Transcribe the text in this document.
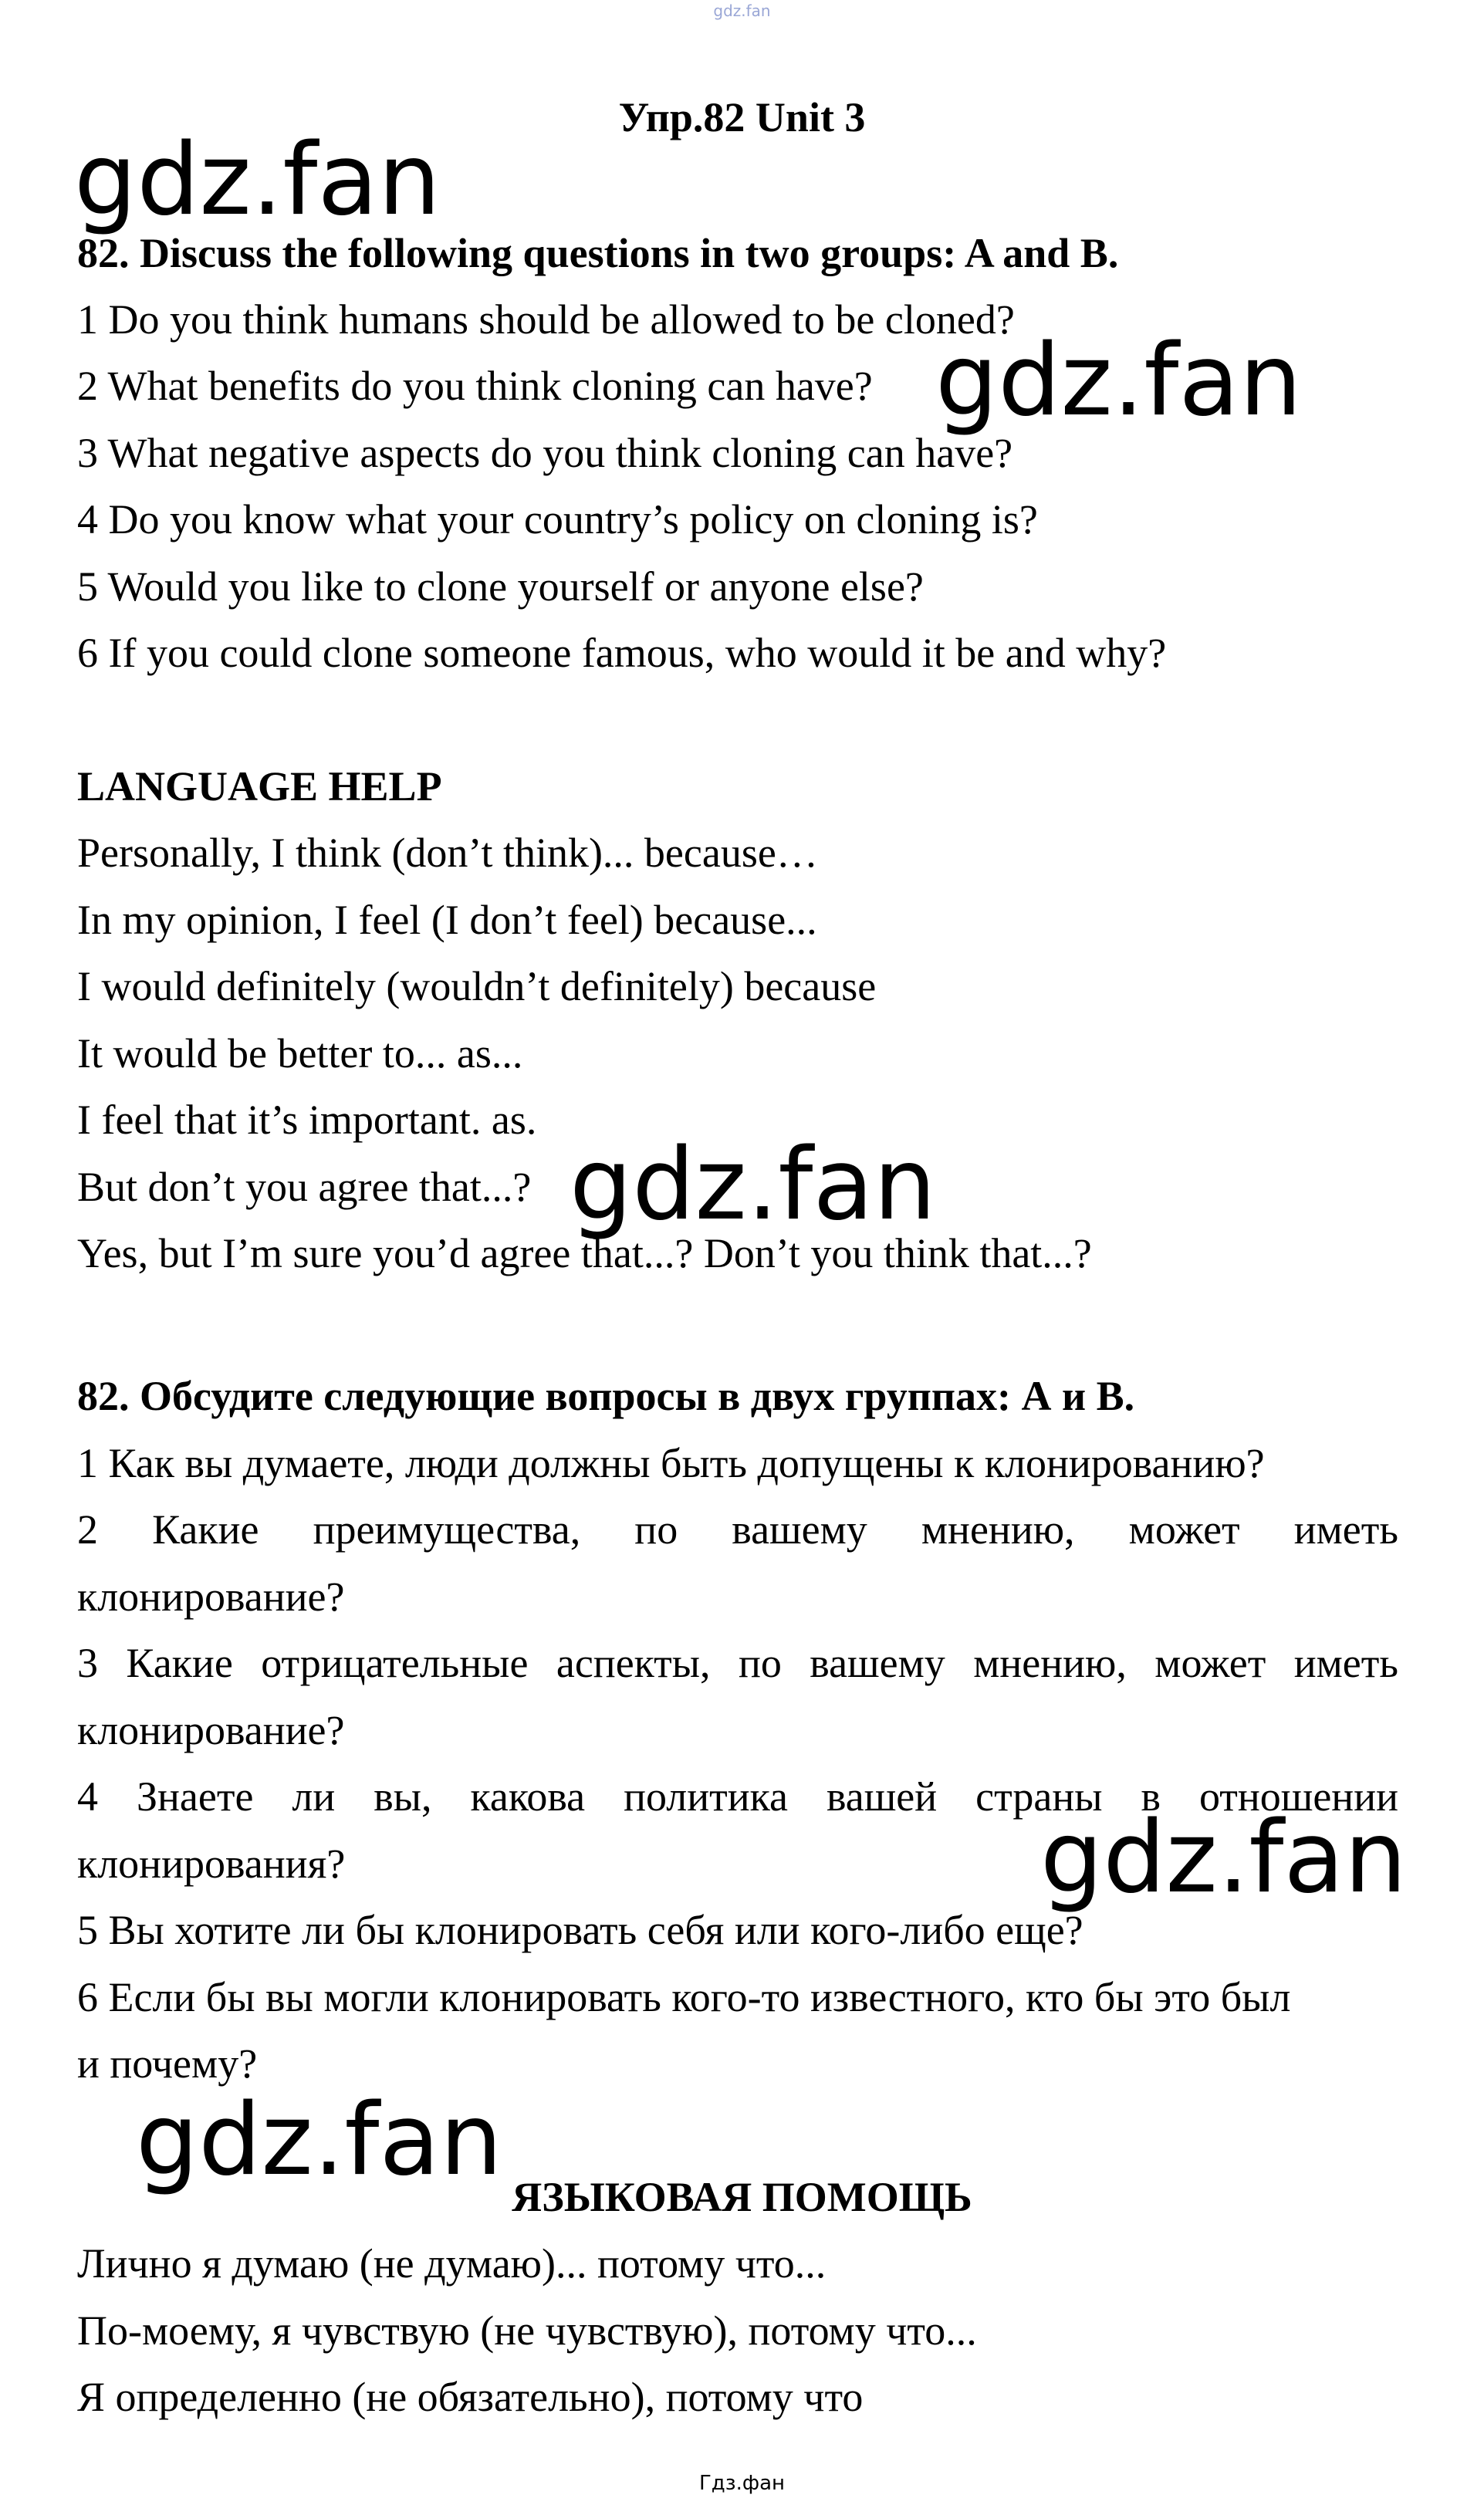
gdz.fan
Упр.82 Unit 3
82. Discuss the following questions in two groups: A and B.
1 Do you think humans should be allowed to be cloned?
2 What benefits do you think cloning can have?
3 What negative aspects do you think cloning can have?
4 Do you know what your country’s policy on cloning is?
5 Would you like to clone yourself or anyone else?
6 If you could clone someone famous, who would it be and why?
LANGUAGE HELP
Personally, I think (don’t think)... because…
In my opinion, I feel (I don’t feel) because...
I would definitely (wouldn’t definitely) because
It would be better to... as...
I feel that it’s important. as.
But don’t you agree that...?
Yes, but I’m sure you’d agree that...? Don’t you think that...?
82. Обсудите следующие вопросы в двух группах: А и В.
1 Как вы думаете, люди должны быть допущены к клонированию?
2 Какие преимущества, по вашему мнению, может иметь
клонирование?
3 Какие отрицательные аспекты, по вашему мнению, может иметь
клонирование?
4 Знаете ли вы, какова политика вашей страны в отношении
клонирования?
5 Вы хотите ли бы клонировать себя или кого-либо еще?
6 Если бы вы могли клонировать кого-то известного, кто бы это был
и почему?
ЯЗЫКОВАЯ ПОМОЩЬ
Лично я думаю (не думаю)... потому что...
По-моему, я чувствую (не чувствую), потому что...
Я определенно (не обязательно), потому что
gdz.fan
gdz.fan
gdz.fan
gdz.fan
gdz.fan
Гдз.фан
